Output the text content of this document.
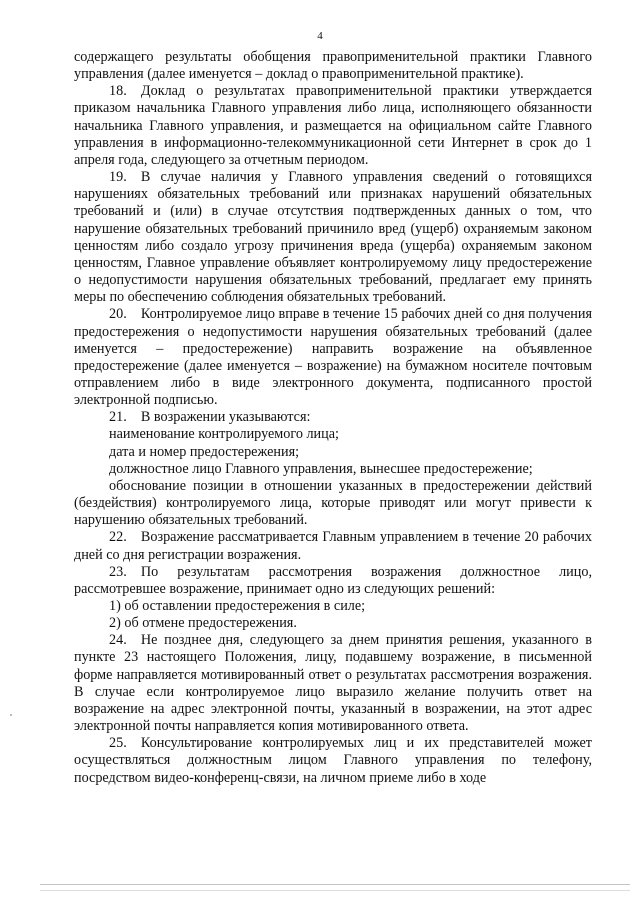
4

содержащего результаты обобщения правоприменительной практики Главного управления (далее именуется – доклад о правоприменительной практике).

18. Доклад о результатах правоприменительной практики утверждается приказом начальника Главного управления либо лица, исполняющего обязанности начальника Главного управления, и размещается на официальном сайте Главного управления в информационно-телекоммуникационной сети Интернет в срок до 1 апреля года, следующего за отчетным периодом.

19. В случае наличия у Главного управления сведений о готовящихся нарушениях обязательных требований или признаках нарушений обязательных требований и (или) в случае отсутствия подтвержденных данных о том, что нарушение обязательных требований причинило вред (ущерб) охраняемым законом ценностям либо создало угрозу причинения вреда (ущерба) охраняемым законом ценностям, Главное управление объявляет контролируемому лицу предостережение о недопустимости нарушения обязательных требований, предлагает ему принять меры по обеспечению соблюдения обязательных требований.

20. Контролируемое лицо вправе в течение 15 рабочих дней со дня получения предостережения о недопустимости нарушения обязательных требований (далее именуется – предостережение) направить возражение на объявленное предостережение (далее именуется – возражение) на бумажном носителе почтовым отправлением либо в виде электронного документа, подписанного простой электронной подписью.

21. В возражении указываются:

наименование контролируемого лица;

дата и номер предостережения;

должностное лицо Главного управления, вынесшее предостережение;

обоснование позиции в отношении указанных в предостережении действий (бездействия) контролируемого лица, которые приводят или могут привести к нарушению обязательных требований.

22. Возражение рассматривается Главным управлением в течение 20 рабочих дней со дня регистрации возражения.

23. По результатам рассмотрения возражения должностное лицо, рассмотревшее возражение, принимает одно из следующих решений:

1) об оставлении предостережения в силе;

2) об отмене предостережения.

24. Не позднее дня, следующего за днем принятия решения, указанного в пункте 23 настоящего Положения, лицу, подавшему возражение, в письменной форме направляется мотивированный ответ о результатах рассмотрения возражения. В случае если контролируемое лицо выразило желание получить ответ на возражение на адрес электронной почты, указанный в возражении, на этот адрес электронной почты направляется копия мотивированного ответа.

25. Консультирование контролируемых лиц и их представителей может осуществляться должностным лицом Главного управления по телефону, посредством видео-конференц-связи, на личном приеме либо в ходе
